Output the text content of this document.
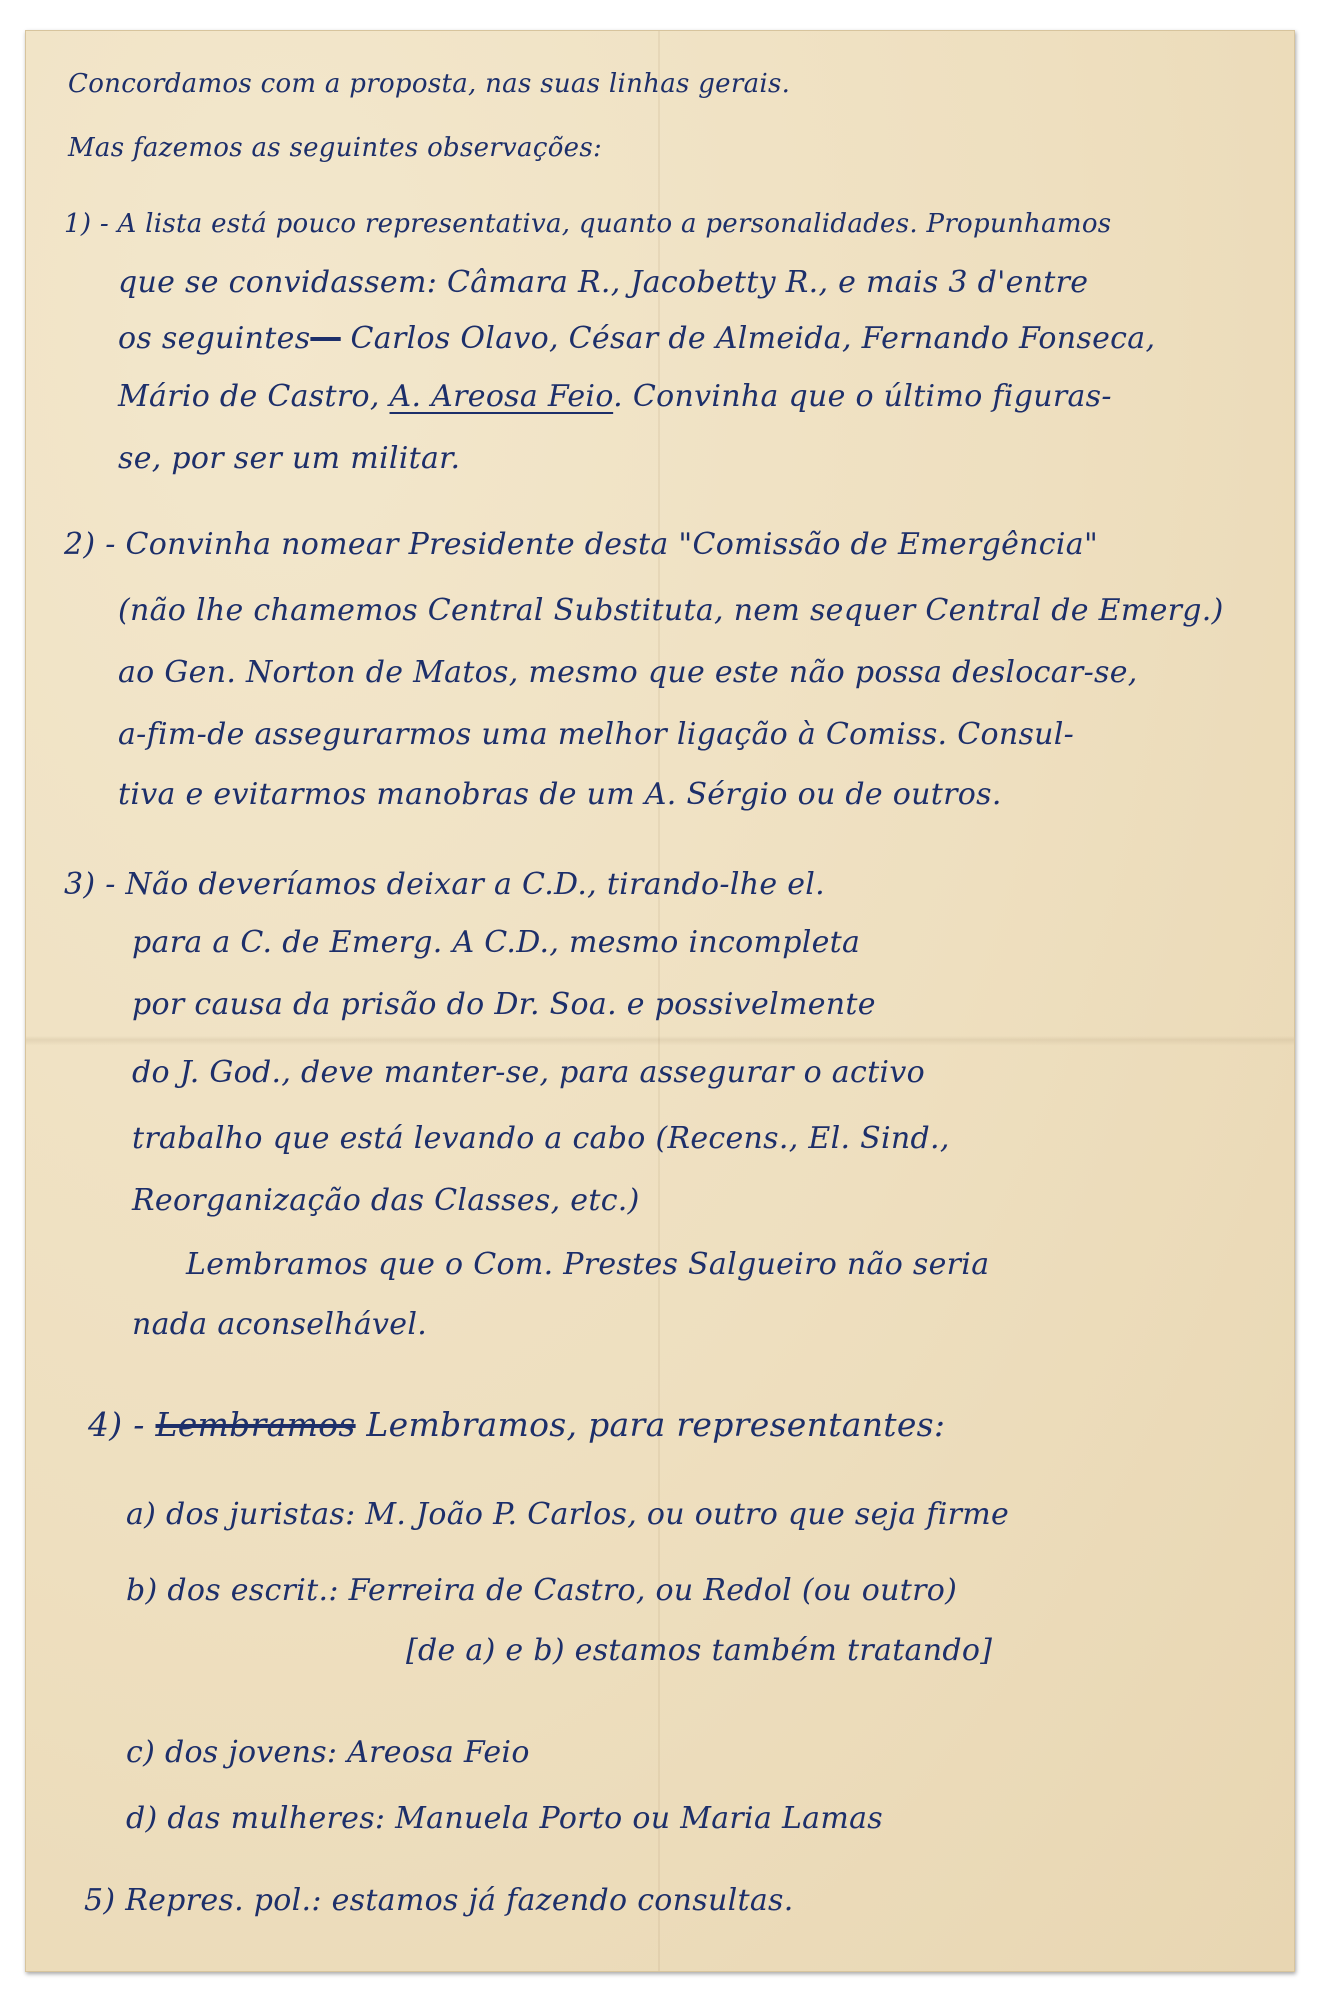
Concordamos com a proposta, nas suas linhas gerais.

Mas fazemos as seguintes observações:

1) - A lista está pouco representativa, quanto a personalidades. Propunhamos

que se convidassem: Câmara R., Jacobetty R., e mais 3 d'entre

os seguintes— Carlos Olavo, César de Almeida, Fernando Fonseca,

Mário de Castro, A. Areosa Feio. Convinha que o último figuras-

se, por ser um militar.

2) - Convinha nomear Presidente desta "Comissão de Emergência"

(não lhe chamemos Central Substituta, nem sequer Central de Emerg.)

ao Gen. Norton de Matos, mesmo que este não possa deslocar-se,

a-fim-de assegurarmos uma melhor ligação à Comiss. Consul-

tiva e evitarmos manobras de um A. Sérgio ou de outros.

3) - Não deveríamos deixar a C.D., tirando-lhe el.

para a C. de Emerg. A C.D., mesmo incompleta

por causa da prisão do Dr. Soa. e possivelmente

do J. God., deve manter-se, para assegurar o activo

trabalho que está levando a cabo (Recens., El. Sind.,

Reorganização das Classes, etc.)

Lembramos que o Com. Prestes Salgueiro não seria

nada aconselhável.

4) - Lembramos Lembramos, para representantes:

a) dos juristas: M. João P. Carlos, ou outro que seja firme

b) dos escrit.: Ferreira de Castro, ou Redol (ou outro)

[de a) e b) estamos também tratando]

c) dos jovens: Areosa Feio

d) das mulheres: Manuela Porto ou Maria Lamas

5) Repres. pol.: estamos já fazendo consultas.
